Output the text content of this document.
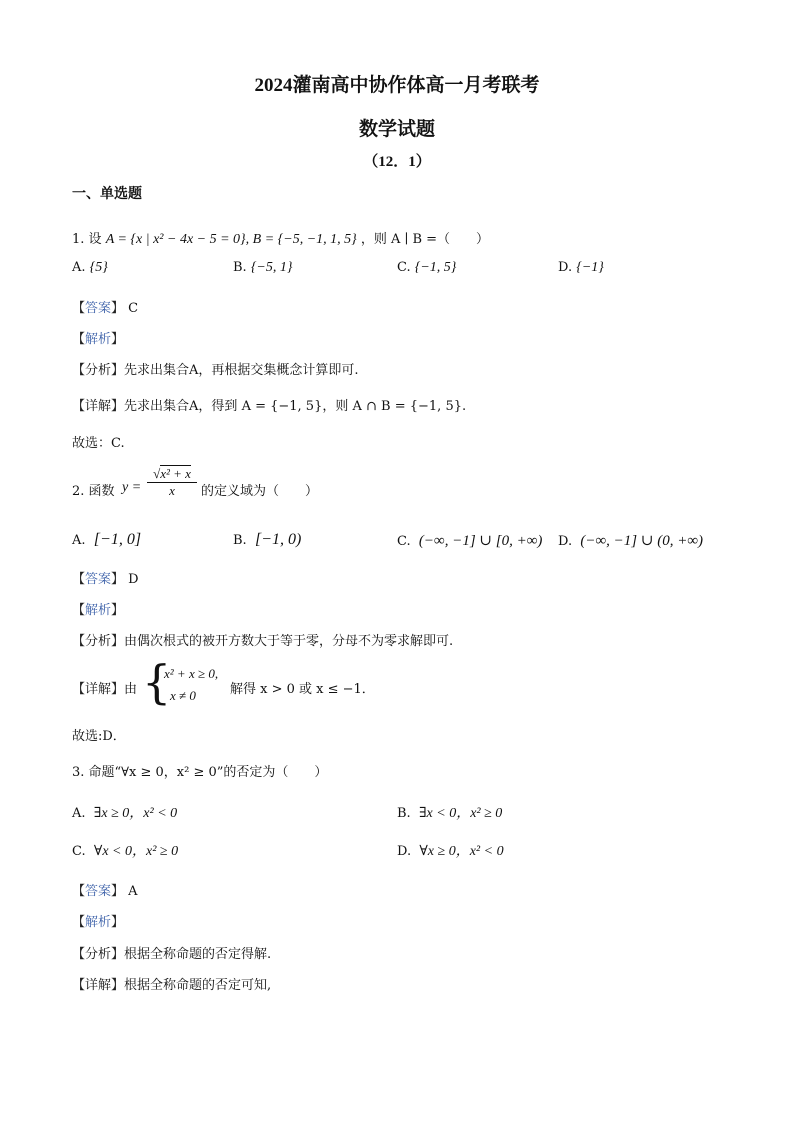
2024灌南高中协作体高一月考联考
数学试题
（12．1）
一、单选题
1. 设 A = {x | x² − 4x − 5 = 0}, B = {−5, −1, 1, 5} ，则 A ∣ B =（　　）
A. {5}	B. {−5, 1}	C. {−1, 5}	D. {−1}
【答案】 C
【解析】
【分析】先求出集合A，再根据交集概念计算即可.
【详解】先求出集合A，得到 A = {−1, 5}，则 A ∩ B = {−1, 5}.
故选：C.
2. 函数 $y = \frac{\text{√x² + x}}{x}$ 的定义域为（　　）
A. [−1, 0]	B. [−1, 0)	C. (−∞, −1] ∪ [0, +∞) D. (−∞, −1] ∪ (0, +∞)
【答案】 D
【解析】
【分析】由偶次根式的被开方数大于等于零，分母不为零求解即可.
【详解】由 {
x² + x ≥ 0,
x ≠ 0	解得 x > 0 或 x ≤ −1．
故选:D．
3. 命题“∀x ≥ 0，x² ≥ 0”的否定为（　　）
A. ∃x ≥ 0，x² < 0	B. ∃x < 0，x² ≥ 0
C. ∀x < 0，x² ≥ 0	D. ∀x ≥ 0，x² < 0
【答案】 A
【解析】
【分析】根据全称命题的否定得解.
【详解】根据全称命题的否定可知,
